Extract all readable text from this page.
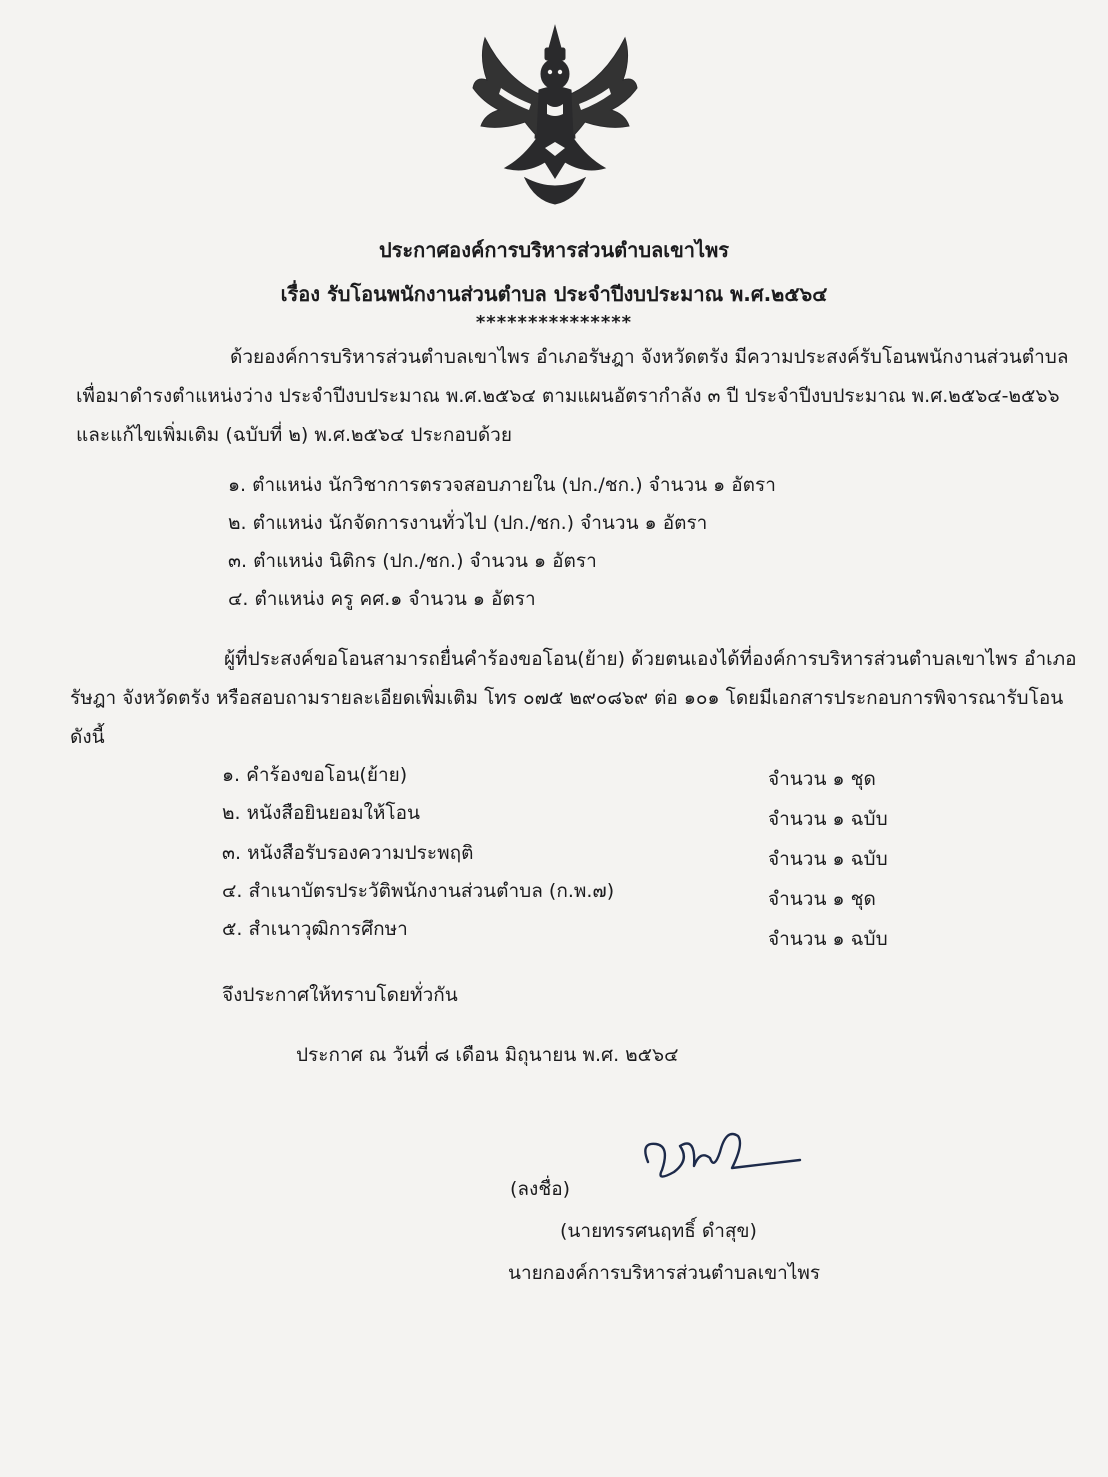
ประกาศองค์การบริหารส่วนตำบลเขาไพร
เรื่อง รับโอนพนักงานส่วนตำบล ประจำปีงบประมาณ พ.ศ.๒๕๖๔
***************

ด้วยองค์การบริหารส่วนตำบลเขาไพร อำเภอรัษฎา จังหวัดตรัง มีความประสงค์รับโอนพนักงานส่วนตำบลเพื่อมาดำรงตำแหน่งว่าง ประจำปีงบประมาณ พ.ศ.๒๕๖๔ ตามแผนอัตรากำลัง ๓ ปี ประจำปีงบประมาณ พ.ศ.๒๕๖๔-๒๕๖๖ และแก้ไขเพิ่มเติม (ฉบับที่ ๒) พ.ศ.๒๕๖๔ ประกอบด้วย

๑. ตำแหน่ง นักวิชาการตรวจสอบภายใน (ปก./ชก.) จำนวน ๑ อัตรา
๒. ตำแหน่ง นักจัดการงานทั่วไป (ปก./ชก.) จำนวน ๑ อัตรา
๓. ตำแหน่ง นิติกร (ปก./ชก.) จำนวน ๑ อัตรา
๔. ตำแหน่ง ครู คศ.๑ จำนวน ๑ อัตรา

ผู้ที่ประสงค์ขอโอนสามารถยื่นคำร้องขอโอน(ย้าย) ด้วยตนเองได้ที่องค์การบริหารส่วนตำบลเขาไพร อำเภอรัษฎา จังหวัดตรัง หรือสอบถามรายละเอียดเพิ่มเติม โทร ๐๗๕ ๒๙๐๘๖๙ ต่อ ๑๐๑ โดยมีเอกสารประกอบการพิจารณารับโอน ดังนี้

๑. คำร้องขอโอน(ย้าย)	จำนวน ๑ ชุด
๒. หนังสือยินยอมให้โอน	จำนวน ๑ ฉบับ
๓. หนังสือรับรองความประพฤติ	จำนวน ๑ ฉบับ
๔. สำเนาบัตรประวัติพนักงานส่วนตำบล (ก.พ.๗)	จำนวน ๑ ชุด
๕. สำเนาวุฒิการศึกษา	จำนวน ๑ ฉบับ
จึงประกาศให้ทราบโดยทั่วกัน
ประกาศ ณ วันที่ ๘ เดือน มิถุนายน พ.ศ. ๒๕๖๔
(ลงชื่อ)
(นายทรรศนฤทธิ์ ดำสุข)
นายกองค์การบริหารส่วนตำบลเขาไพร
